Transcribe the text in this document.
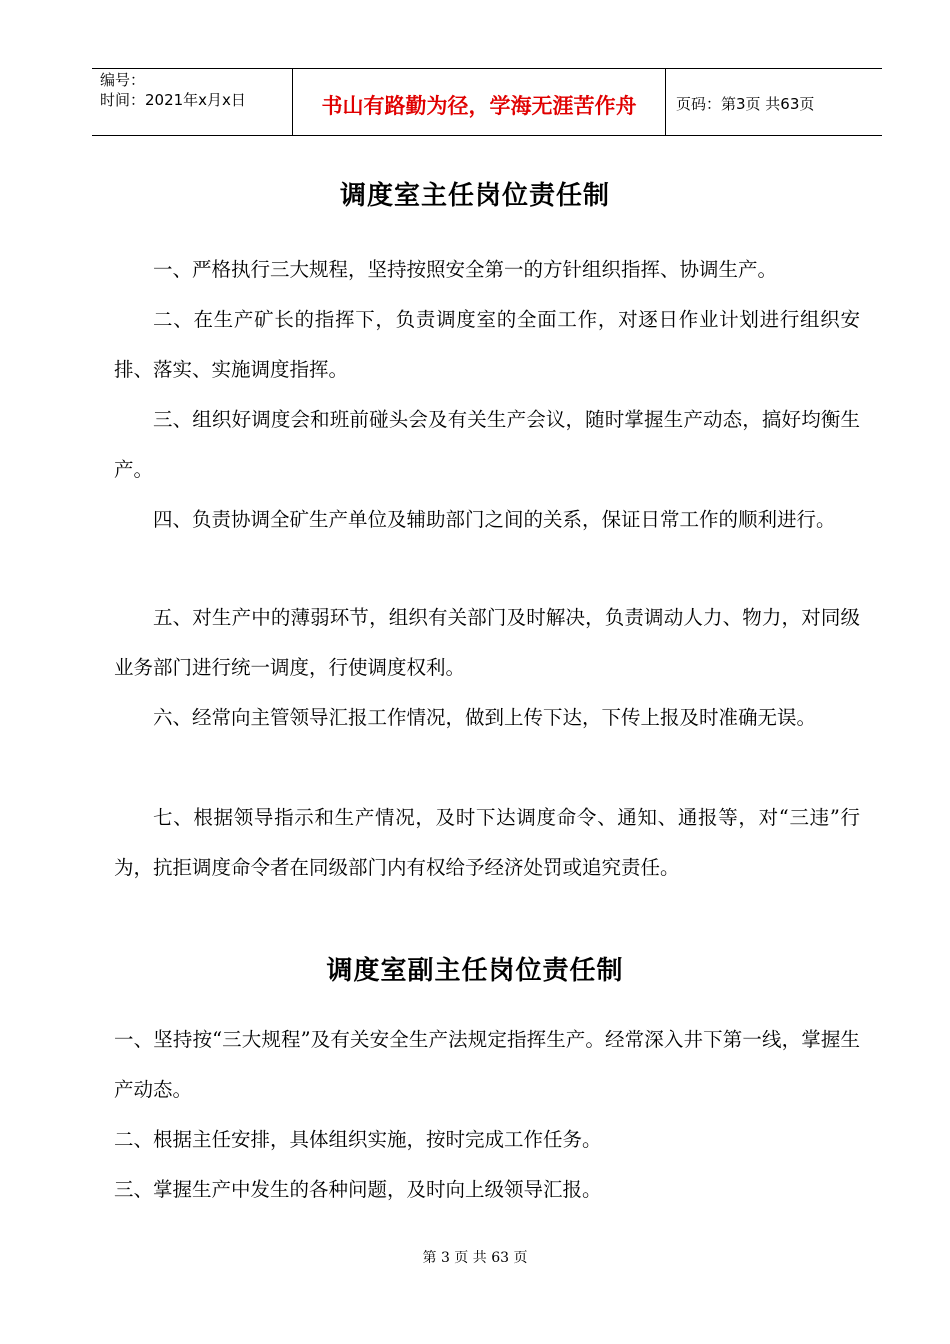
编号：
时间：2021年x月x日	书山有路勤为径，学海无涯苦作舟	页码：第3页 共63页
调度室主任岗位责任制
一、严格执行三大规程，坚持按照安全第一的方针组织指挥、协调生产。
二、在生产矿长的指挥下，负责调度室的全面工作，对逐日作业计划进行组织安排、落实、实施调度指挥。
三、组织好调度会和班前碰头会及有关生产会议，随时掌握生产动态，搞好均衡生产。
四、负责协调全矿生产单位及辅助部门之间的关系，保证日常工作的顺利进行。
五、对生产中的薄弱环节，组织有关部门及时解决，负责调动人力、物力，对同级业务部门进行统一调度，行使调度权利。
六、经常向主管领导汇报工作情况，做到上传下达，下传上报及时准确无误。
七、根据领导指示和生产情况，及时下达调度命令、通知、通报等，对“三违”行为，抗拒调度命令者在同级部门内有权给予经济处罚或追究责任。
调度室副主任岗位责任制
一、坚持按“三大规程”及有关安全生产法规定指挥生产。经常深入井下第一线，掌握生产动态。
二、根据主任安排，具体组织实施，按时完成工作任务。
三、掌握生产中发生的各种问题，及时向上级领导汇报。
第 3 页 共 63 页
